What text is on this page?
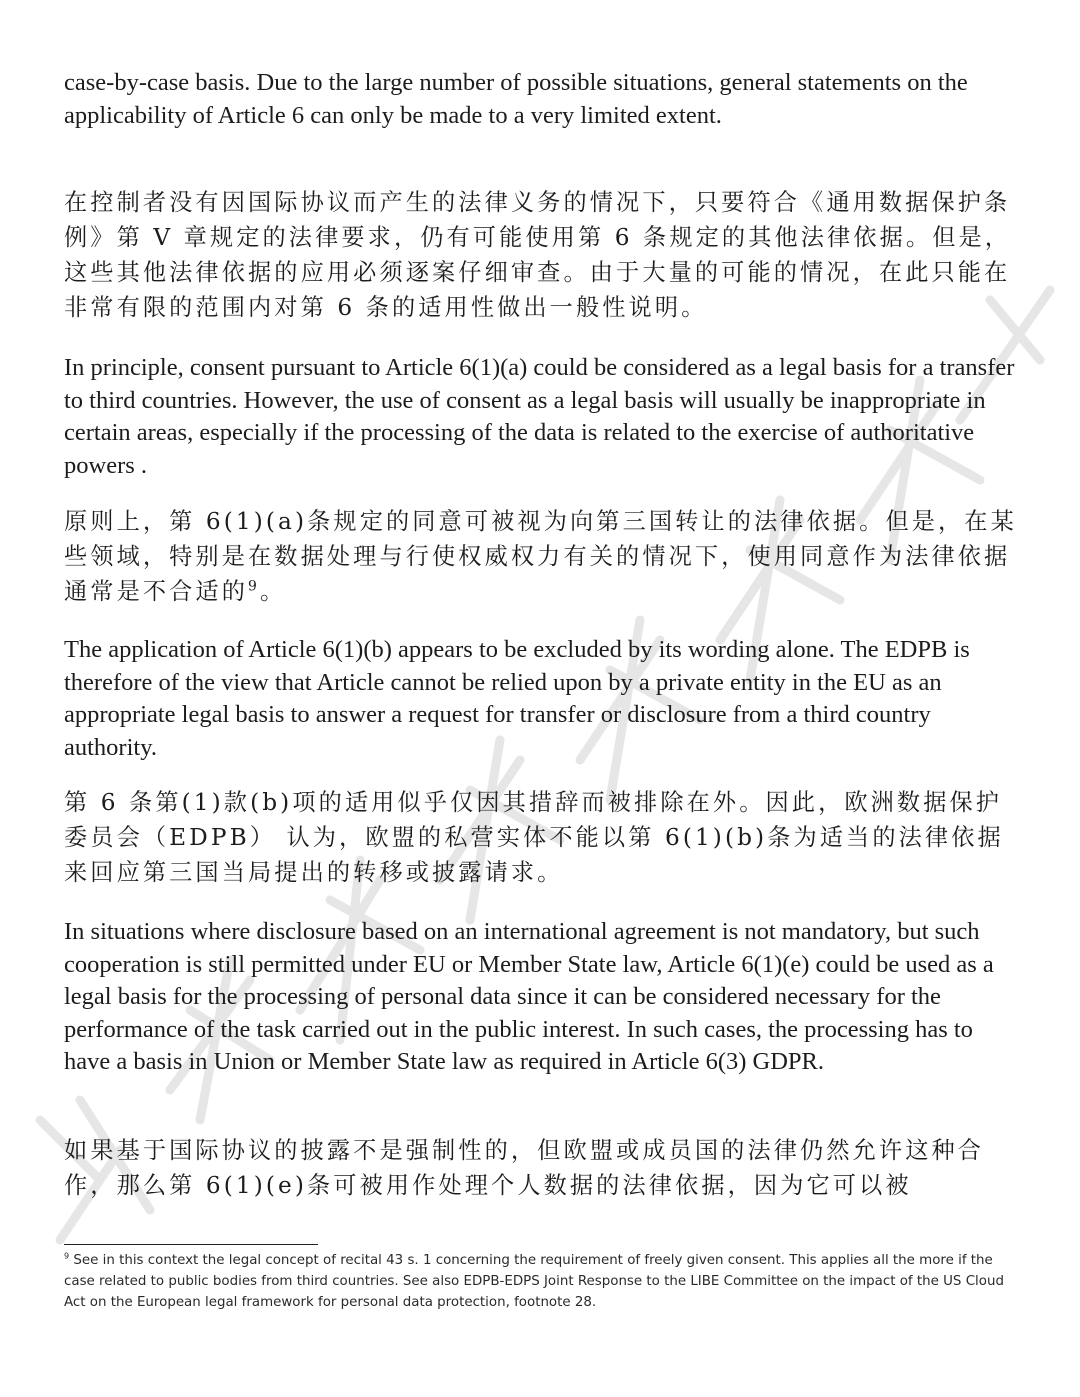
case-by-case basis. Due to the large number of possible situations, general statements on the applicability of Article 6 can only be made to a very limited extent.

在控制者没有因国际协议而产生的法律义务的情况下，只要符合《通用数据保护条例》第 V 章规定的法律要求，仍有可能使用第 6 条规定的其他法律依据。但是，这些其他法律依据的应用必须逐案仔细审查。由于大量的可能的情况，在此只能在非常有限的范围内对第 6 条的适用性做出一般性说明。

In principle, consent pursuant to Article 6(1)(a) could be considered as a legal basis for a transfer to third countries. However, the use of consent as a legal basis will usually be inappropriate in certain areas, especially if the processing of the data is related to the exercise of authoritative powers .

原则上，第 6(1)(a)条规定的同意可被视为向第三国转让的法律依据。但是，在某些领域，特别是在数据处理与行使权威权力有关的情况下，使用同意作为法律依据通常是不合适的$^9$。

The application of Article 6(1)(b) appears to be excluded by its wording alone. The EDPB is therefore of the view that Article cannot be relied upon by a private entity in the EU as an appropriate legal basis to answer a request for transfer or disclosure from a third country authority.

第 6 条第(1)款(b)项的适用似乎仅因其措辞而被排除在外。因此，欧洲数据保护委员会（EDPB） 认为，欧盟的私营实体不能以第 6(1)(b)条为适当的法律依据来回应第三国当局提出的转移或披露请求。

In situations where disclosure based on an international agreement is not mandatory, but such cooperation is still permitted under EU or Member State law, Article 6(1)(e) could be used as a legal basis for the processing of personal data since it can be considered necessary for the performance of the task carried out in the public interest. In such cases, the processing has to have a basis in Union or Member State law as required in Article 6(3) GDPR.

如果基于国际协议的披露不是强制性的，但欧盟或成员国的法律仍然允许这种合作，那么第 6(1)(e)条可被用作处理个人数据的法律依据，因为它可以被

$^9$ See in this context the legal concept of recital 43 s. 1 concerning the requirement of freely given consent. This applies all the more if the case related to public bodies from third countries. See also EDPB-EDPS Joint Response to the LIBE Committee on the impact of the US Cloud Act on the European legal framework for personal data protection, footnote 28.
